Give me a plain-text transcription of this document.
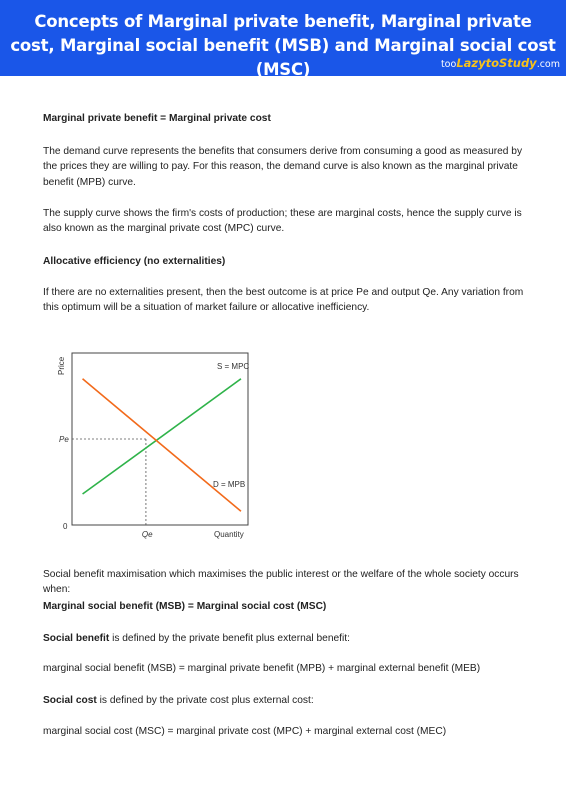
Concepts of Marginal private benefit, Marginal private cost, Marginal social benefit (MSB) and Marginal social cost (MSC)	tooLazytoStudy.com
Marginal private benefit = Marginal private cost
The demand curve represents the benefits that consumers derive from consuming a good as measured by the prices they are willing to pay. For this reason, the demand curve is also known as the marginal private benefit (MPB) curve.
The supply curve shows the firm's costs of production; these are marginal costs, hence the supply curve is also known as the marginal private cost (MPC) curve.
Allocative efficiency (no externalities)
If there are no externalities present, then the best outcome is at price Pe and output Qe. Any variation from this optimum will be a situation of market failure or allocative inefficiency.
Social benefit maximisation which maximises the public interest or the welfare of the whole society occurs when:
Marginal social benefit (MSB) = Marginal social cost (MSC)
Social benefit is defined by the private benefit plus external benefit:
marginal social benefit (MSB) = marginal private benefit (MPB) + marginal external benefit (MEB)
Social cost is defined by the private cost plus external cost:
marginal social cost (MSC) = marginal private cost (MPC) + marginal external cost (MEC)
Price
Quantity
0
Pe
Qe
S = MPC
D = MPB
